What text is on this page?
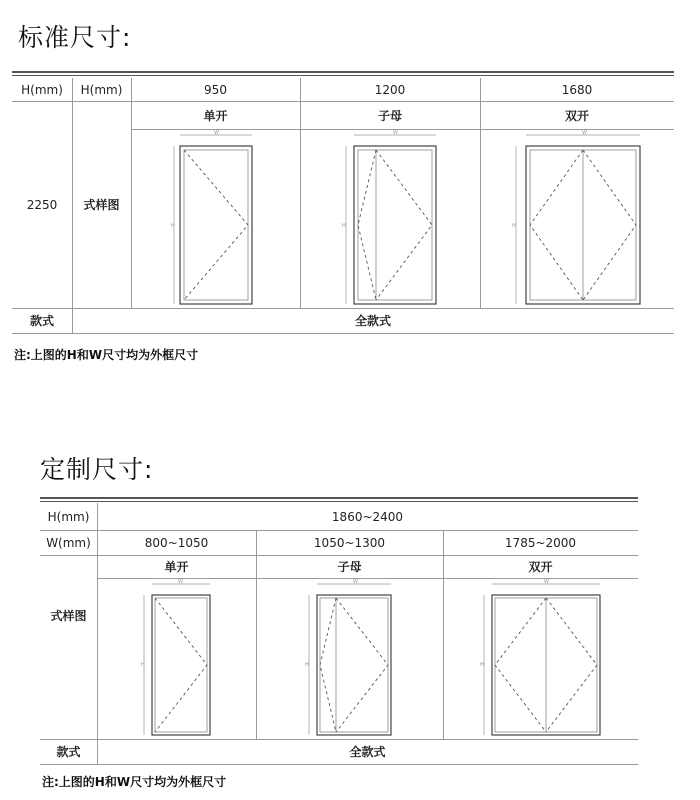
标准尺寸:
H(mm)	H(mm)	950	1200	1680
单开	子母	双开
2250	式样图
W
H
W
H
W
H
款式	全款式
注:上图的H和W尺寸均为外框尺寸
定制尺寸:
H(mm)	1860~2400
W(mm)	800~1050	1050~1300	1785~2000
单开	子母	双开
式样图
W
H
W
H
W
H
款式	全款式
注:上图的H和W尺寸均为外框尺寸
